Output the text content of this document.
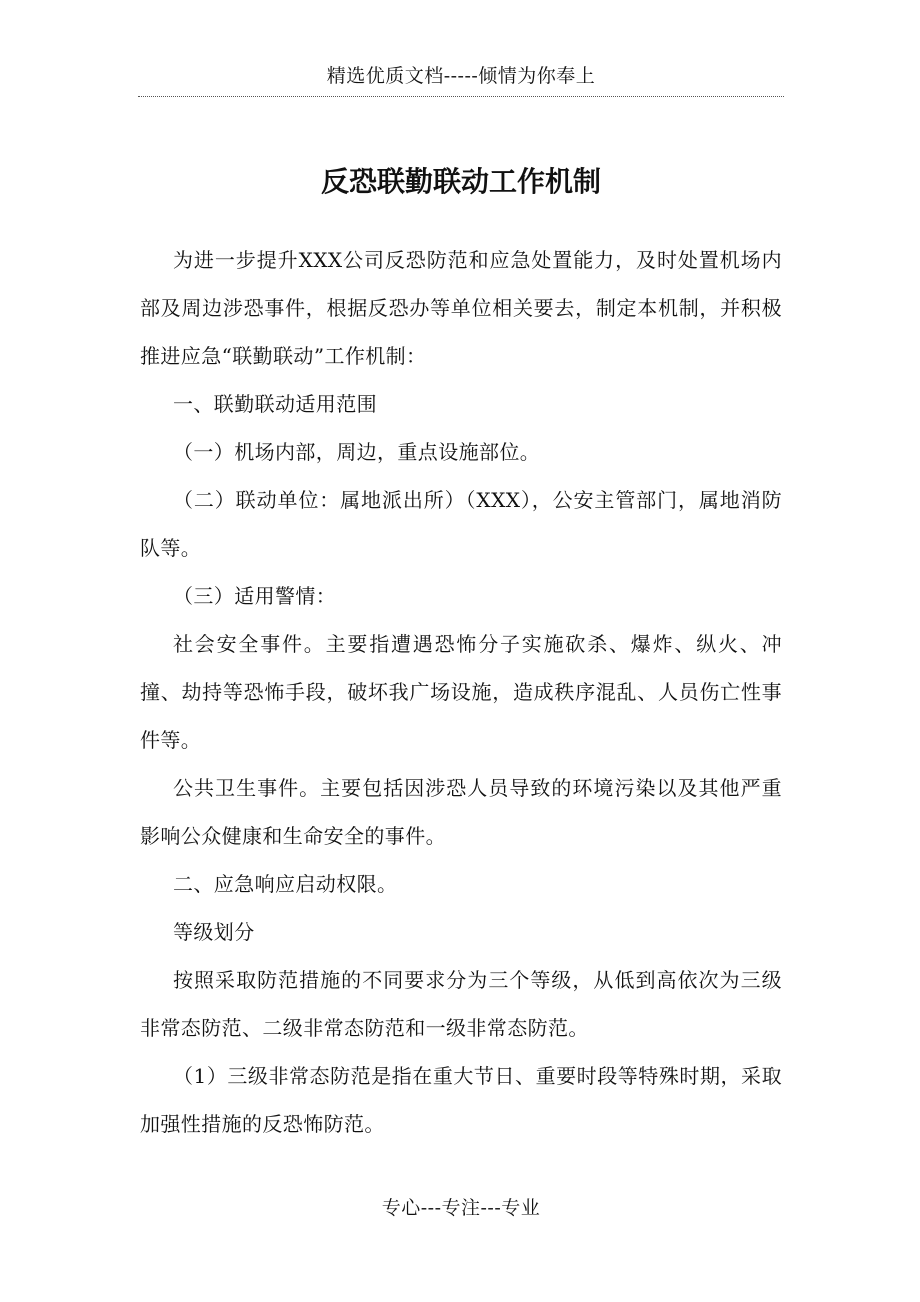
精选优质文档-----倾情为你奉上
反恐联勤联动工作机制

为进一步提升XXX公司反恐防范和应急处置能力，及时处置机场内部及周边涉恐事件，根据反恐办等单位相关要去，制定本机制，并积极推进应急“联勤联动”工作机制：

一、联勤联动适用范围

（一）机场内部，周边，重点设施部位。

（二）联动单位：属地派出所）（XXX），公安主管部门，属地消防队等。

（三）适用警情：

社会安全事件。主要指遭遇恐怖分子实施砍杀、爆炸、纵火、冲撞、劫持等恐怖手段，破坏我广场设施，造成秩序混乱、人员伤亡性事件等。

公共卫生事件。主要包括因涉恐人员导致的环境污染以及其他严重影响公众健康和生命安全的事件。

二、应急响应启动权限。

等级划分

按照采取防范措施的不同要求分为三个等级，从低到高依次为三级非常态防范、二级非常态防范和一级非常态防范。

（1）三级非常态防范是指在重大节日、重要时段等特殊时期，采取加强性措施的反恐怖防范。

专心---专注---专业
